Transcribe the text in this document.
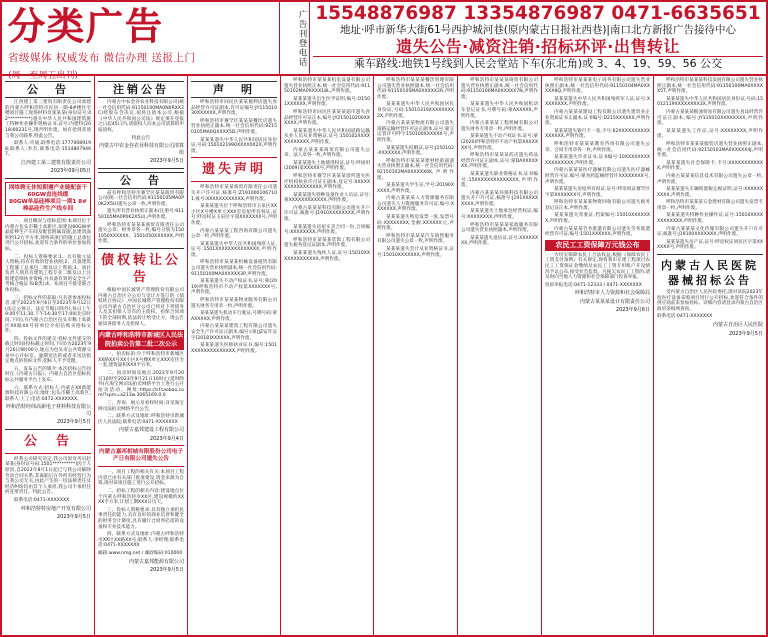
分类广告
省级媒体 权威发布 微信办理 送报上门
(周一至周五出刊)
广告刊登电话 15548876987 13354876987 0471-6635651
地址·呼市新华大街61号西护城河巷(原内蒙古日报社西巷)|南口北方新报广告接待中心
遗失公告·减资注销·招标环评·出售转让
乘车路线:地铁1号线到人民会堂站下车(东北角)或 3、4、19、59、56 公交
公　告

江西建工第三建筑有限责任公司承建的内蒙古呼和浩特市民居一期-8#楼住宅楼项目施工现场材料员张某某(身份证号:42**********)遗失中华人民共和国建筑施工特种作业操作资格证书,证号:内建特(2018)00231号,现声明作废。如有拾到者请与我公司联系,特此公告。

联系人:许迪,联系电话:17770089198;联系人:李杰,联系电话:15148079467。

江西建工第三建筑有限责任公司
2023年09月05日
网络聘无休短期遵产业链配套干60GW直连线缆
80GW单晶硅棒项目一期1 8#棒晶硅件生产线车间

一、项目概况与招标范围:本项目位于内蒙古包头市稀土高新区,拟建设60GW单晶硅棒生产车间及配套附属设施,总建筑面积约12万平方米,现将该项目的施工总承包进行公开招标,欢迎符合条件的单位参加投标。

二、投标人资格要求:1、具有独立法人资格,持有有效的营业执照;2、具备建筑工程施工总承包二级及以上资质;3、项目负责人须具有建筑工程专业二级及以上注册建造师执业资格,并具备有效的安全生产考核合格证书(B类);4、本项目不接受联合体投标。

三、招标文件的获取:凡有意参加投标者,请于2023年9月6日至2023年9月12日(法定公休日、法定节假日除外),每日上午9:00至11:30,下午14:30至17:00(北京时间,下同),在内蒙古自治区包头市稀土高新区XX路XX号持单位介绍信购买招标文件。

四、投标文件的递交:投标文件递交的截止时间(投标截止时间,下同)为2023年9月26日9时00分,地点为包头市公共资源交易中心开标室。逾期送达的或者未送达指定地点的投标文件,招标人不予受理。

五、发布公告的媒介:本次招标公告同时在《内蒙古日报》、内蒙古自治区招标投标公共服务平台上发布。

六、联系方式:招标人:内蒙古XX新能源科技有限公司;地址:包头市稀土高新区;联系人:王工;电话:0472-XXXXXXX。

呼和浩特经纬高新电子材料科技有限公司
2023年9月5日
公　告

经我公司研究决定,我公司原业务员赵某某(身份证号码:1501**********)因个人原因,自2023年8月1日起已与我公司解除劳动合同关系,其离职后在外所有经营行为与我公司无关,由此产生的一切法律责任及经济纠纷均由其个人承担,我公司不承担任何连带责任。特此公告。

联系电话:0471-XXXXXXX

呼和浩特特房地产开发有限公司
2023年9月5日
注销公告

内蒙古中农金谷农业科技有限公司(统一社会信用代码:91150100MA0N0RXX2C)经股东会决议,拟将注销本公司,根据《中华人民共和国公司法》规定须在登报之日起45日内,请债权人向本公司清算组申报债权。

特此公告

内蒙古中农金谷农业科技有限公司清算组
2023年9月5日
公　告

兹有呼和浩特市赛罕区某某商贸有限公司(统一社会信用代码:91150105MA0P0K2X5U)遗失公章一枚,声明作废。

遗失所有营业执照正副本(注册号:91150105MA0P0K2X5U),声明作废。

呼和浩特市某某某商贸有限责任公司遗失公章、财务章各一枚,编号分别为1501050XXXXXX、1501050XXXXXX,声明作废。

债权转让公告

根据中国长城资产管理股份有限公司内蒙古自治区分公司与受让方签订的《债权转让协议》,中国长城资产管理股份有限公司内蒙古自治区分公司已将对下列债务人及其担保人享有的主债权、担保合同项下的全部权利,依法转让给受让方。现公告通知各债务人及担保人。

内蒙古呼和浩特市新城区人民法院拍卖公告第二批二次公示

一、拍卖标的:位于呼和浩特市新城区XX路XX号XX小区X号楼X单元XXX室住宅一套,建筑面积XXX平方米。

二、拍卖时间及地点:2023年9月20日10时至2023年9月21日10时止(延时除外)在淘宝网司法拍卖网络平台上进行公开拍卖活动。网址:https://sf.taobao.com/?spm=a213w.3065169.0.0

三、咨询、展示及看样时间:详见淘宝网司法拍卖网络平台公告。

二、联系方式及地址:呼和浩特市新城区人民法院;联系电话:0471-XXXXXXX

内蒙古嘉邦建设工程有限公司
2023年9月4日
内蒙古嘉邦相城有限股份公司电子产日有限公司遗失公告

一、项目工程的相关有关:本项目工程内容已由有关部门批准建设,资金来源为自筹,现对该项目施工进行公开招标。

二、招标工程的相关内容:建设地点位于内蒙古呼和浩特市XX区,建设规模约XXXX平方米,计划工期XXX日历天。

三、投标人资格要求:具有独立承担民事责任的能力,具有良好的商业信誉和健全的财务会计制度,具有履行合同所必需的设备和专业技术能力。

四、联系方式及地址:内蒙古呼和浩特市XX区XX路XX号;联系人:李经理;联系电话:0471-XXXXXXX

邮箱:www.nmg.net / 邮政编码:010000

内蒙古嘉邦能源有限公司
2023年9月5日
声　明

呼和浩特市回民区某某便利店遗失食品经营许可证副本,许可证编号:JY11501030XXXXXX,声明作废。

呼和浩特市赛罕区某某某餐饮店遗失营业执照正副本,统一社会信用代码:92150105MA0QXXXX5D,声明作废。

某某某遗失中华人民共和国居民身份证,号码:1501021990XXXX0X2X,声明作废。

遗失声明

呼和浩特市某某商贸有限责任公司遗失开户许可证,核准号:Z1910001067101,账号:XXXXXXXXXXXX,声明作废。

某某某遗失位于呼和浩特市玉泉区XX小区X号楼X单元XXX室房屋所有权证,证号:呼房权证玉泉区字第XXXXXXX号,声明作废。

内蒙古某某某工程咨询有限公司遗失公章一枚,声明作废。

某某某遗失中华人民共和国残疾人证,证号:1501XXXXXXXXXXXXXX,声明作废。

呼和浩特市某某某机械设备租赁有限公司遗失营业执照副本,统一社会信用代码:91150100MA0XXXXX3P,声明作废。

某某某遗失不动产权证书,证号:蒙(2019)呼和浩特市不动产权第XXXXXXX号,声明作废。

呼和浩特市某某某物业服务有限公司遗失财务专用章一枚,声明作废。

某某某遗失机动车行驶证,号牌号码:蒙AXXXXX,声明作废。

内蒙古某某某建筑工程有限公司遗失安全生产许可证正副本,编号:(蒙)JZ安许证字[2018]XXXXXX,声明作废。

某某某遗失医师执业证书,编号:1501XXXXXXXXXXXXXX,声明作废。

呼和浩特市某某某机电设备有限公司遗失营业执照正本,统一社会信用代码:91150102MA0XXXX18L,声明作废。

某某某遗失出生医学证明,编号:O1501XXXXXX,声明作废。

呼和浩特市回民区某某某超市遗失食品经营许可证正本,编号:JY215010200XXXXXX,声明作废。

某某某遗失中华人民共和国道路运输从业人员从业资格证,证号:150102XXXXXXXXXXXX,声明作废。

内蒙古某某某商贸有限公司遗失公章、法人章各一枚,声明作废。

某某某遗失土地使用权证,证号:呼国用(2009)第XXXXX号,声明作废。

呼和浩特市赛罕区某某某诊所遗失医疗机构执业许可证正副本,登记号:XXXXXXXXXXXXXXXXX,声明作废。

某某某遗失特种设备作业人员证,证号:蒙XXXXXXXXXXXX,声明作废。

内蒙古某某某科技有限公司遗失开户许可证,核准号:J1910XXXXXXXX,声明作废。

某某某遗失房屋买卖合同一份,合同编号:XXXXXXXX,声明作废。

呼和浩特市某某某装饰工程有限公司遗失税务登记证副本,声明作废。

某某某遗失残疾人证,证号:15010XXXXXXXXXXXXX,声明作废。

呼和浩特市某某某餐饮管理有限公司遗失营业执照副本,统一社会信用代码:91150105MA0XXXXX2R,声明作废。

某某某遗失中华人民共和国居民身份证,号码:15010319XXXXXXXX2X,声明作废。

内蒙古某某某物流有限公司遗失道路运输经营许可证正副本,证号:蒙交运管许可呼字150100XXXXXX号,声明作废。

某某某遗失结婚证,证号:J150102-XXXXXXX,声明作废。

呼和浩特市某某某建材经销部遗失营业执照正副本,统一社会信用代码:92150102MA0XXXXX6K,声明作废。

某某某遗失学生证,学号:20190XXXXX,声明作废。

内蒙古某某某人力资源服务有限公司遗失人力资源服务许可证,编号:XXXXXXX,声明作废。

某某某遗失购房发票一张,发票号码:XXXXXXXX,金额:XXXXXX元,声明作废。

呼和浩特市某某某汽车销售服务有限公司遗失公章一枚,声明作废。

某某某遗失会计从业资格证书,证号:15010XXXXXXX,声明作废。

呼和浩特市某某某商贸有限公司遗失营业执照正副本,统一社会信用代码:91150100MA0XXXXX7N,声明作废。

某某某遗失中华人民共和国机动车登记证书,号牌号码:蒙AXXXXX,声明作废。

内蒙古某某某工程机械有限公司遗失财务专用章一枚,声明作废。

某某某遗失不动产权证书,证号:蒙(2020)呼和浩特市不动产权第XXXXXXX号,声明作废。

呼和浩特市某某某药店遗失药品经营许可证正副本,证号:蒙DAXXXXXXX,声明作废。

某某某遗失职业资格证书,证书编号:15XXXXXXXXXXXXXX,声明作废。

内蒙古某某某环保科技有限公司遗失开户许可证,核准号:J191XXXXXXXXX,声明作废。

某某某遗失土地承包经营权证,编号:XXXXXXXX,声明作废。

呼和浩特市某某某家政服务有限公司遗失营业执照副本,声明作废。

某某某遗失退伍证,证号:XXXXXXXX,声明作废。

呼和浩特市某某某电子商务有限公司遗失营业执照正副本,统一社会信用代码:91150104MA0XXXXX9Q,声明作废。

某某某遗失中华人民共和国残疾军人证,证号:XXXXXXXX,声明作废。

内蒙古某某某建设工程有限公司遗失建筑业企业资质证书正副本,证书编号:D215XXXXXX,声明作废。

某某某遗失银行卡一张,卡号:62XXXXXXXXXXXXXXXX,声明作废。

呼和浩特市某某某教育咨询有限公司遗失公章、合同专用章各一枚,声明作废。

某某某遗失毕业证书,证书编号:10XXXXXXXXXXXXXXXXX,声明作废。

内蒙古某某某医疗器械有限公司遗失医疗器械经营许可证,编号:蒙食药监械经营许XXXXXXXX号,声明作废。

某某某遗失房屋所有权证,证号:呼房权证赛罕区字第XXXXXXX号,声明作废。

呼和浩特市某某某物资回收有限公司遗失税务登记证正本,声明作废。

某某某遗失驾驶证,档案编号:15010XXXXXXX,声明作废。

内蒙古某某某劳务派遣有限公司遗失劳务派遣经营许可证,编号:1501XXXXXX,声明作废。

农民工工资保障万元钱公布

为切实保障农民工合法权益,根据《保障农民工工资支付条例》有关规定,现将我市在建工程项目农民工工资保证金缴纳及农民工工资专用账户开设情况予以公布,接受社会监督。凡拖欠农民工工资的,请及时向当地人力资源和社会保障部门投诉举报。

投诉举报电话:0471-12333 / 0471-XXXXXXX

呼和浩特市人力资源和社会保障局
内蒙古某某某设计有限责任公司
2023年9月6日

呼和浩特市某某某科技发展有限公司遗失营业执照正副本,统一社会信用代码:91150100MA0XXXXX5T,声明作废。

某某某遗失中华人民共和国居民身份证,号码:15012119XXXXXXXX3X,声明作废。

内蒙古某某某粮油贸易有限公司遗失食品经营许可证正副本,编号:JY115010XXXXXXXX,声明作废。

某某某遗失工作证,证号:XXXXXXXX,声明作废。

呼和浩特市某某某服装店遗失营业执照正副本,统一社会信用代码:92150103MA0XXXXX4J,声明作废。

某某某遗失社会保障卡,卡号:XXXXXXXXXXXX,声明作废。

内蒙古某某某信息技术有限公司遗失公章一枚,声明作废。

某某某遗失车辆购置税完税证明,证号:XXXXXXXXXX,声明作废。

呼和浩特市某某某五金建材有限公司遗失发票专用章一枚,声明作废。

某某某遗失特种作业操作证,证号:15010XXXXXXXXXXXX,声明作废。

内蒙古某某某文化传媒有限公司遗失开户许可证,核准号:J19100XXXXXXX,声明作废。

某某某遗失房产证,证号:呼房权证回民区字第XXXXXX号,声明作废。

内蒙古人民医院器械招标公告

受内蒙古自治区人民医院委托,现对该院2023年度医疗设备采购项目进行公开招标,欢迎符合条件的供应商前来参加投标。详细内容请登录内蒙古自治区政府采购网查询。

联系电话:0471-XXXXXXX

内蒙古自治区人民医院
2023年9月5日
